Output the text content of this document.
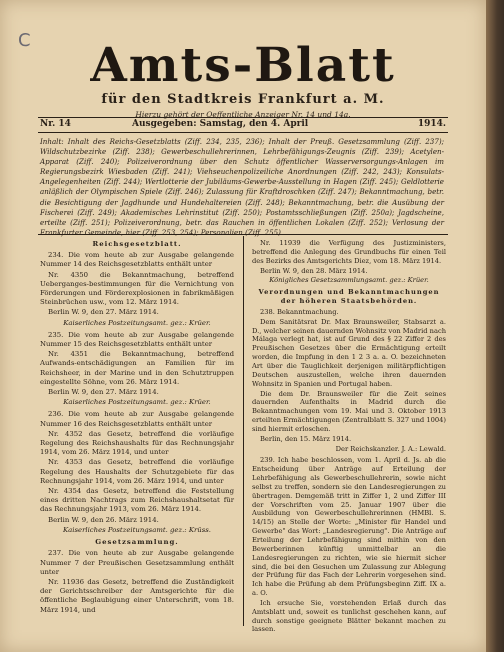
C	Amts-Blatt
für den Stadtkreis Frankfurt a. M.
Hierzu gehört der Oeffentliche Anzeiger Nr. 14 und 14a.
Nr. 14	Ausgegeben: Samstag, den 4. April	1914.
Inhalt: Inhalt des Reichs-Gesetzblatts (Ziff. 234, 235, 236); Inhalt der Preuß. Gesetzsammlung (Ziff. 237); Wildschutzbezirke (Ziff. 238); Gewerbeschullehrerinnen, Lehrbefähigungs-Zeugnis (Ziff. 239); Acetylen-Apparat (Ziff. 240); Polizeiverordnung über den Schutz öffentlicher Wasserversorgungs-Anlagen im Regierungsbezirk Wiesbaden (Ziff. 241); Viehseuchenpolizeiliche Anordnungen (Ziff. 242, 243); Konsulats-Angelegenheiten (Ziff. 244); Wertlotterie der Jubiläums-Gewerbe-Ausstellung in Hagen (Ziff. 245); Geldlotterie anläßlich der Olympischen Spiele (Ziff. 246); Zulassung für Kraftdroschken (Ziff. 247); Bekanntmachung, betr. die Besichtigung der Jagdhunde und Hundehaltereien (Ziff. 248); Bekanntmachung, betr. die Ausübung der Fischerei (Ziff. 249); Akademisches Lehrinstitut (Ziff. 250); Postamtsschließungen (Ziff. 250a); Jagdscheine, erteilte (Ziff. 251); Polizeiverordnung, betr. das Rauchen in öffentlichen Lokalen (Ziff. 252); Verlosung der Frankfurter Gemeinde, hier (Ziff. 253, 254); Personalien (Ziff. 255).

Reichsgesetzblatt.

234. Die vom heute ab zur Ausgabe gelangende Nummer 14 des Reichsgesetzblatts enthält unter

Nr. 4350 die Bekanntmachung, betreffend Ueberganges-bestimmungen für die Vernichtung von Förderungen und Förderexplosionen in fabrikmäßigen Steinbrüchen usw., vom 12. März 1914.

Berlin W. 9, den 27. März 1914.

Kaiserliches Postzeitungsamt. gez.: Krüer.

235. Die vom heute ab zur Ausgabe gelangende Nummer 15 des Reichsgesetzblatts enthält unter

Nr. 4351 die Bekanntmachung, betreffend Aufwands-entschädigungen an Familien für im Reichsheer, in der Marine und in den Schutztruppen eingestellte Söhne, vom 26. März 1914.

Berlin W. 9, den 27. März 1914.

Kaiserliches Postzeitungsamt. gez.: Krüer.

236. Die vom heute ab zur Ausgabe gelangende Nummer 16 des Reichsgesetzblatts enthält unter

Nr. 4352 das Gesetz, betreffend die vorläufige Regelung des Reichshaushalts für das Rechnungsjahr 1914, vom 26. März 1914, und unter

Nr. 4353 das Gesetz, betreffend die vorläufige Regelung des Haushalts der Schutzgebiete für das Rechnungsjahr 1914, vom 26. März 1914, und unter

Nr. 4354 das Gesetz, betreffend die Feststellung eines dritten Nachtrags zum Reichshaushaltsetat für das Rechnungsjahr 1913, vom 26. März 1914.

Berlin W. 9, den 26. März 1914.

Kaiserliches Postzeitungsamt. gez.: Krüss.

Gesetzsammlung.

237. Die von heute ab zur Ausgabe gelangende Nummer 7 der Preußischen Gesetzsammlung enthält unter

Nr. 11936 das Gesetz, betreffend die Zuständigkeit der Gerichtsschreiber der Amtsgerichte für die öffentliche Beglaubigung einer Unterschrift, vom 18. März 1914, und

Nr. 11939 die Verfügung des Justizministers, betreffend die Anlegung des Grundbuchs für einen Teil des Bezirks des Amtsgerichts Diez, vom 18. März 1914.

Berlin W. 9, den 28. März 1914.

Königliches Gesetzsammlungsamt. gez.: Krüer.

Verordnungen und Bekanntmachungen der höheren Staatsbehörden.

238. Bekanntmachung.

Dem Sanitätsrat Dr. Max Braunsweiler, Stabsarzt a. D., welcher seinen dauernden Wohnsitz von Madrid nach Málaga verlegt hat, ist auf Grund des § 22 Ziffer 2 des Preußischen Gesetzes über die Ermächtigung erteilt worden, die Impfung in den 1 2 3 a. a. O. bezeichneten Art über die Tauglichkeit derjenigen militärpflichtigen Deutschen auszustellen, welche ihren dauernden Wohnsitz in Spanien und Portugal haben.

Die dem Dr. Braunsweiler für die Zeit seines dauernden Aufenthalts in Madrid durch die Bekanntmachungen vom 19. Mai und 3. Oktober 1913 erteilten Ermächtigungen (Zentralblatt S. 327 und 1004) sind hiermit erloschen.

Berlin, den 15. März 1914.

Der Reichskanzler. J. A.: Lewald.

239. Ich habe beschlossen, vom 1. April d. Js. ab die Entscheidung über Anträge auf Erteilung der Lehrbefähigung als Gewerbeschullehrerin, sowie nicht selbst zu treffen, sondern sie den Landesregierungen zu übertragen. Demgemäß tritt in Ziffer 1, 2 und Ziffer III der Vorschriften vom 25. Januar 1907 über die Ausbildung von Gewerbeschullehrerinnen (HMBl. S. 14/15) an Stelle der Worte: „Minister für Handel und Gewerbe" das Wort: „Landesregierung". Die Anträge auf Erteilung der Lehrbefähigung sind mithin von den Bewerberinnen künftig unmittelbar an die Landesregierungen zu richten, wie sie hiermit sicher sind, die bei den Gesuchen um Zulassung zur Ablegung der Prüfung für das Fach der Lehrerin vorgesehen sind. Ich habe die Prüfung ab dem Prüfungsbeginn Ziff. IX a. a. O.

Ich ersuche Sie, vorstehenden Erlaß durch das Amtsblatt und, soweit es tunlichst geschehen kann, auf durch sonstige geeignete Blätter bekannt machen zu lassen.
